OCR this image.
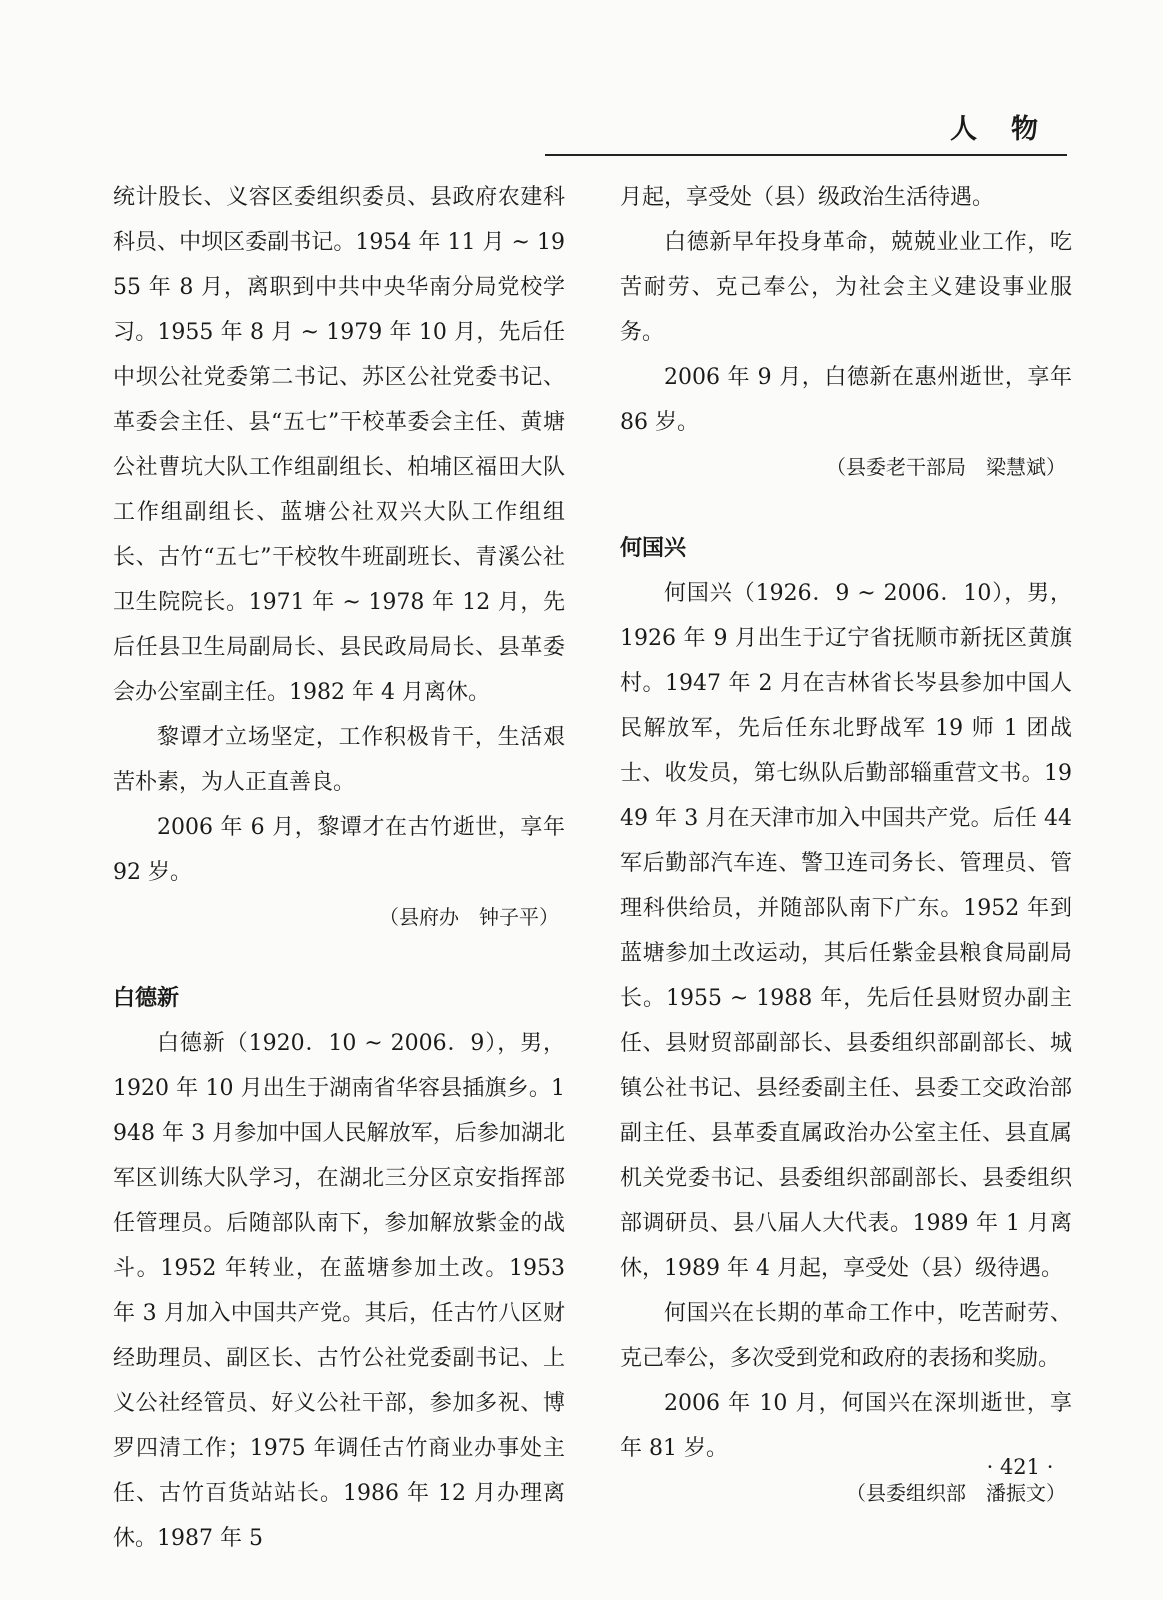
人物

统计股长、义容区委组织委员、县政府农建科科员、中坝区委副书记。1954 年 11 月 ~ 1955 年 8 月，离职到中共中央华南分局党校学习。1955 年 8 月 ~ 1979 年 10 月，先后任中坝公社党委第二书记、苏区公社党委书记、革委会主任、县“五七”干校革委会主任、黄塘公社曹坑大队工作组副组长、柏埔区福田大队工作组副组长、蓝塘公社双兴大队工作组组长、古竹“五七”干校牧牛班副班长、青溪公社卫生院院长。1971 年 ~ 1978 年 12 月，先后任县卫生局副局长、县民政局局长、县革委会办公室副主任。1982 年 4 月离休。

黎谭才立场坚定，工作积极肯干，生活艰苦朴素，为人正直善良。

2006 年 6 月，黎谭才在古竹逝世，享年 92 岁。

（县府办　钟子平）

白德新

白德新（1920．10 ~ 2006．9），男，1920 年 10 月出生于湖南省华容县插旗乡。1948 年 3 月参加中国人民解放军，后参加湖北军区训练大队学习，在湖北三分区京安指挥部任管理员。后随部队南下，参加解放紫金的战斗。1952 年转业，在蓝塘参加土改。1953 年 3 月加入中国共产党。其后，任古竹八区财经助理员、副区长、古竹公社党委副书记、上义公社经管员、好义公社干部，参加多祝、博罗四清工作；1975 年调任古竹商业办事处主任、古竹百货站站长。1986 年 12 月办理离休。1987 年 5

月起，享受处（县）级政治生活待遇。

白德新早年投身革命，兢兢业业工作，吃苦耐劳、克己奉公，为社会主义建设事业服务。

2006 年 9 月，白德新在惠州逝世，享年 86 岁。

（县委老干部局　梁慧斌）

何国兴

何国兴（1926．9 ~ 2006．10），男，1926 年 9 月出生于辽宁省抚顺市新抚区黄旗村。1947 年 2 月在吉林省长岑县参加中国人民解放军，先后任东北野战军 19 师 1 团战士、收发员，第七纵队后勤部辎重营文书。1949 年 3 月在天津市加入中国共产党。后任 44 军后勤部汽车连、警卫连司务长、管理员、管理科供给员，并随部队南下广东。1952 年到蓝塘参加土改运动，其后任紫金县粮食局副局长。1955 ~ 1988 年，先后任县财贸办副主任、县财贸部副部长、县委组织部副部长、城镇公社书记、县经委副主任、县委工交政治部副主任、县革委直属政治办公室主任、县直属机关党委书记、县委组织部副部长、县委组织部调研员、县八届人大代表。1989 年 1 月离休，1989 年 4 月起，享受处（县）级待遇。

何国兴在长期的革命工作中，吃苦耐劳、克己奉公，多次受到党和政府的表扬和奖励。

2006 年 10 月，何国兴在深圳逝世，享年 81 岁。

（县委组织部　潘振文）

· 421 ·
